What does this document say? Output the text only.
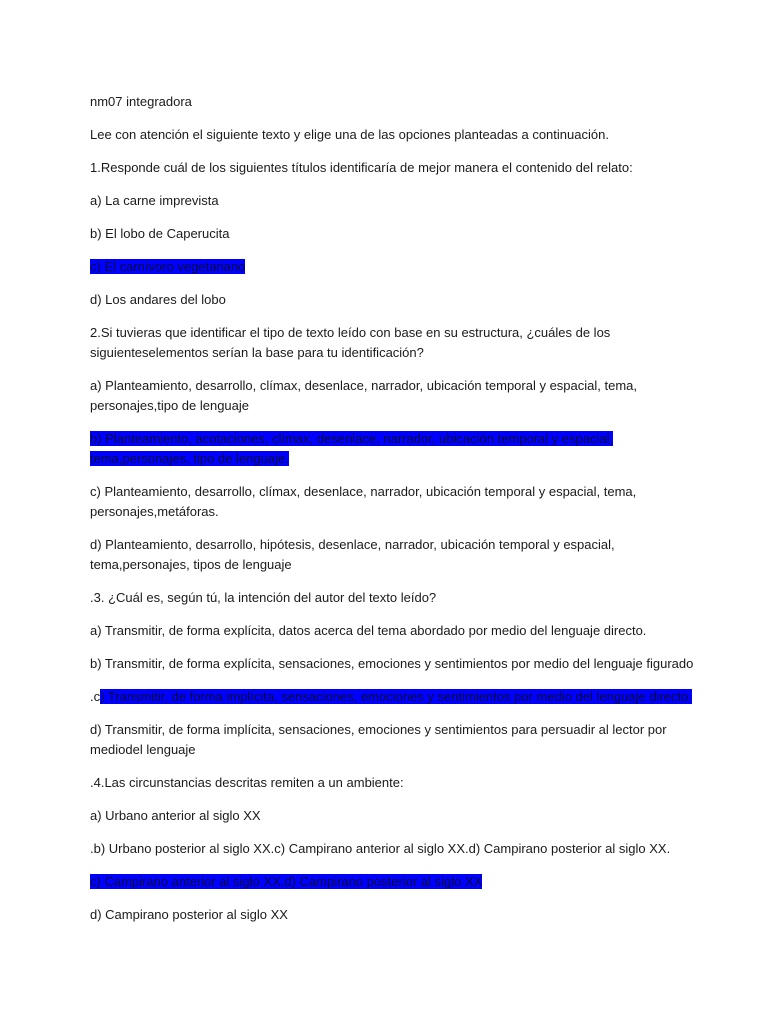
nm07 integradora

Lee con atención el siguiente texto y elige una de las opciones planteadas a continuación.

1.Responde cuál de los siguientes títulos identificaría de mejor manera el contenido del relato:

a) La carne imprevista

b) El lobo de Caperucita

c) El carnívoro vegetariano

d) Los andares del lobo

2.Si tuvieras que identificar el tipo de texto leído con base en su estructura, ¿cuáles de los

siguienteselementos serían la base para tu identificación?

a) Planteamiento, desarrollo, clímax, desenlace, narrador, ubicación temporal y espacial, tema,

personajes,tipo de lenguaje

b) Planteamiento, acotaciones, clímax, desenlace, narrador, ubicación temporal y espacial,

tema,personajes, tipo de lenguaje.

c) Planteamiento, desarrollo, clímax, desenlace, narrador, ubicación temporal y espacial, tema,

personajes,metáforas.

d) Planteamiento, desarrollo, hipótesis, desenlace, narrador, ubicación temporal y espacial,

tema,personajes, tipos de lenguaje

.3. ¿Cuál es, según tú, la intención del autor del texto leído?

a) Transmitir, de forma explícita, datos acerca del tema abordado por medio del lenguaje directo.

b) Transmitir, de forma explícita, sensaciones, emociones y sentimientos por medio del lenguaje figurado

.c) Transmitir, de forma implícita, sensaciones, emociones y sentimientos por medio del lenguaje directo.

d) Transmitir, de forma implícita, sensaciones, emociones y sentimientos para persuadir al lector por

mediodel lenguaje

.4.Las circunstancias descritas remiten a un ambiente:

a) Urbano anterior al siglo XX

.b) Urbano posterior al siglo XX.c) Campirano anterior al siglo XX.d) Campirano posterior al siglo XX.

c) Campirano anterior al siglo XX.d) Campirano posterior al siglo XX

d) Campirano posterior al siglo XX
